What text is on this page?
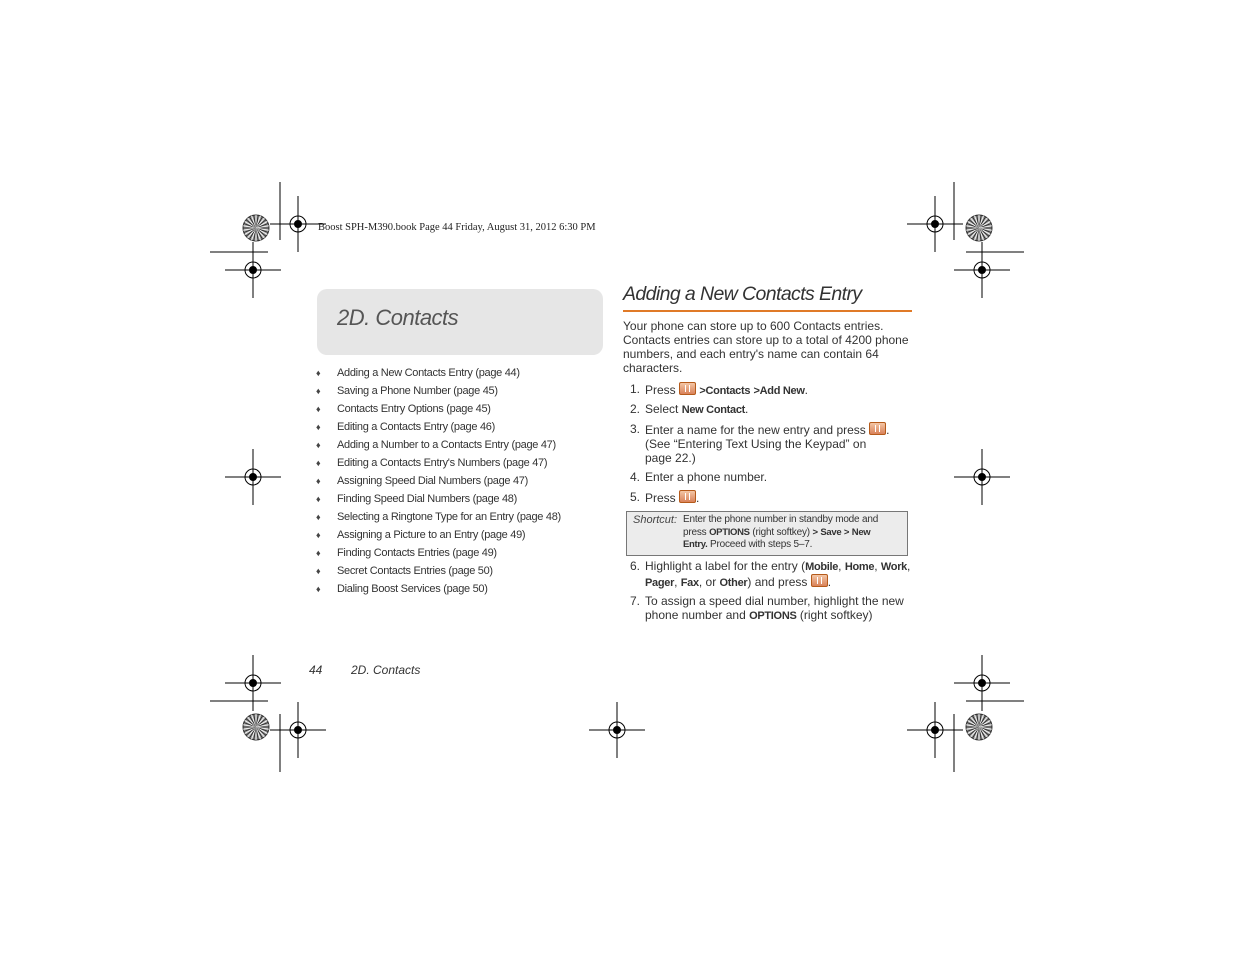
Boost SPH-M390.book Page 44 Friday, August 31, 2012 6:30 PM
2D. Contacts
♦ Adding a New Contacts Entry (page 44)
♦ Saving a Phone Number (page 45)
♦ Contacts Entry Options (page 45)
♦ Editing a Contacts Entry (page 46)
♦ Adding a Number to a Contacts Entry (page 47)
♦ Editing a Contacts Entry's Numbers (page 47)
♦ Assigning Speed Dial Numbers (page 47)
♦ Finding Speed Dial Numbers (page 48)
♦ Selecting a Ringtone Type for an Entry (page 48)
♦ Assigning a Picture to an Entry (page 49)
♦ Finding Contacts Entries (page 49)
♦ Secret Contacts Entries (page 50)
♦ Dialing Boost Services (page 50)
Adding a New Contacts Entry
Your phone can store up to 600 Contacts entries. Contacts entries can store up to a total of 4200 phone numbers, and each entry's name can contain 64 characters.
1. Press >Contacts >Add New.
2. Select New Contact.
3. Enter a name for the new entry and press .
(See “Entering Text Using the Keypad” on
page 22.)
4. Enter a phone number.
5. Press .
Shortcut: Enter the phone number in standby mode and
press OPTIONS (right softkey) > Save > New
Entry. Proceed with steps 5–7.
6. Highlight a label for the entry (Mobile, Home, Work,
Pager, Fax, or Other) and press .
7. To assign a speed dial number, highlight the new
phone number and OPTIONS (right softkey)
44 2D. Contacts
